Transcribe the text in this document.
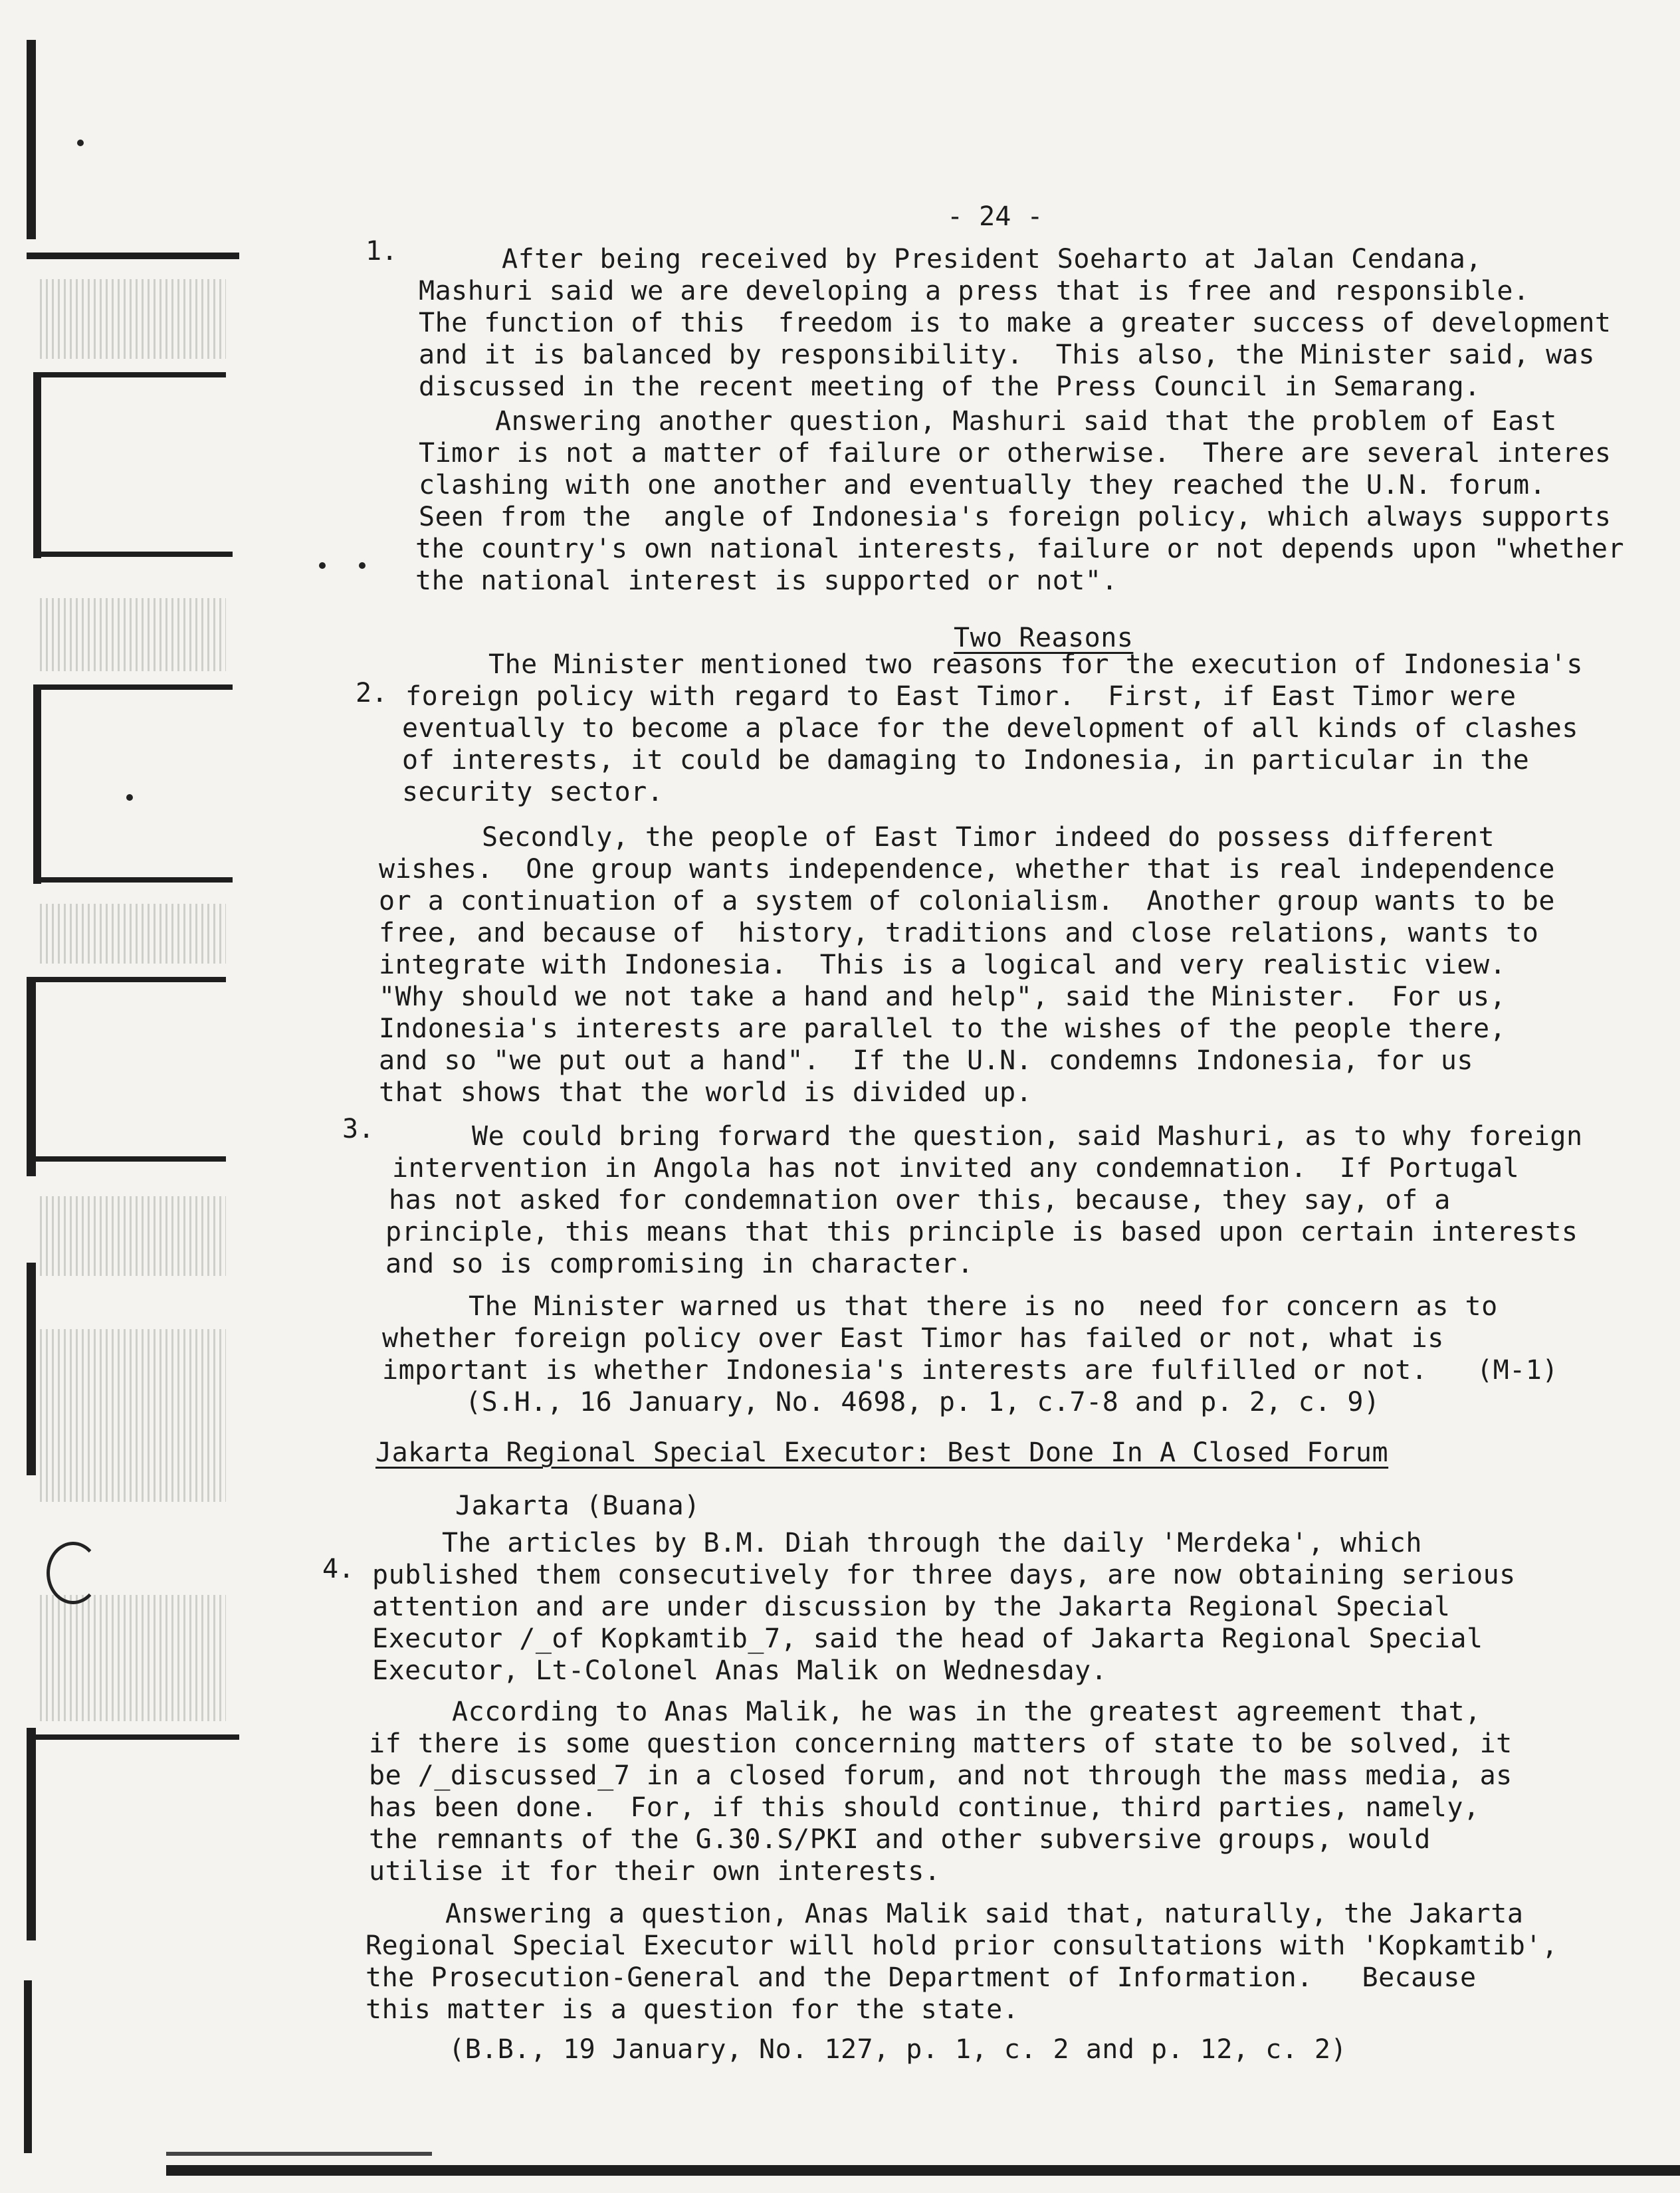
- 24 -
1.	After being received by President Soeharto at Jalan Cendana,
Mashuri said we are developing a press that is free and responsible.
The function of this  freedom is to make a greater success of development
and it is balanced by responsibility.  This also, the Minister said, was
discussed in the recent meeting of the Press Council in Semarang.
Answering another question, Mashuri said that the problem of East
Timor is not a matter of failure or otherwise.  There are several interes
clashing with one another and eventually they reached the U.N. forum.
Seen from the  angle of Indonesia's foreign policy, which always supports
the country's own national interests, failure or not depends upon "whether
the national interest is supported or not".
Two Reasons
The Minister mentioned two reasons for the execution of Indonesia's
2. foreign policy with regard to East Timor.  First, if East Timor were
eventually to become a place for the development of all kinds of clashes
of interests, it could be damaging to Indonesia, in particular in the
security sector.
Secondly, the people of East Timor indeed do possess different
wishes.  One group wants independence, whether that is real independence
or a continuation of a system of colonialism.  Another group wants to be
free, and because of  history, traditions and close relations, wants to
integrate with Indonesia.  This is a logical and very realistic view.
"Why should we not take a hand and help", said the Minister.  For us,
Indonesia's interests are parallel to the wishes of the people there,
and so "we put out a hand".  If the U.N. condemns Indonesia, for us
that shows that the world is divided up.
3.	We could bring forward the question, said Mashuri, as to why foreign
intervention in Angola has not invited any condemnation.  If Portugal
has not asked for condemnation over this, because, they say, of a
principle, this means that this principle is based upon certain interests
and so is compromising in character.
The Minister warned us that there is no  need for concern as to
whether foreign policy over East Timor has failed or not, what is
important is whether Indonesia's interests are fulfilled or not.   (M-1)
(S.H., 16 January, No. 4698, p. 1, c.7-8 and p. 2, c. 9)
Jakarta Regional Special Executor: Best Done In A Closed Forum
Jakarta (Buana)
The articles by B.M. Diah through the daily 'Merdeka', which
4. published them consecutively for three days, are now obtaining serious
attention and are under discussion by the Jakarta Regional Special
Executor /_of Kopkamtib_7, said the head of Jakarta Regional Special
Executor, Lt-Colonel Anas Malik on Wednesday.
According to Anas Malik, he was in the greatest agreement that,
if there is some question concerning matters of state to be solved, it
be /_discussed_7 in a closed forum, and not through the mass media, as
has been done.  For, if this should continue, third parties, namely,
the remnants of the G.30.S/PKI and other subversive groups, would
utilise it for their own interests.
Answering a question, Anas Malik said that, naturally, the Jakarta
Regional Special Executor will hold prior consultations with 'Kopkamtib',
the Prosecution-General and the Department of Information.   Because
this matter is a question for the state.
(B.B., 19 January, No. 127, p. 1, c. 2 and p. 12, c. 2)
